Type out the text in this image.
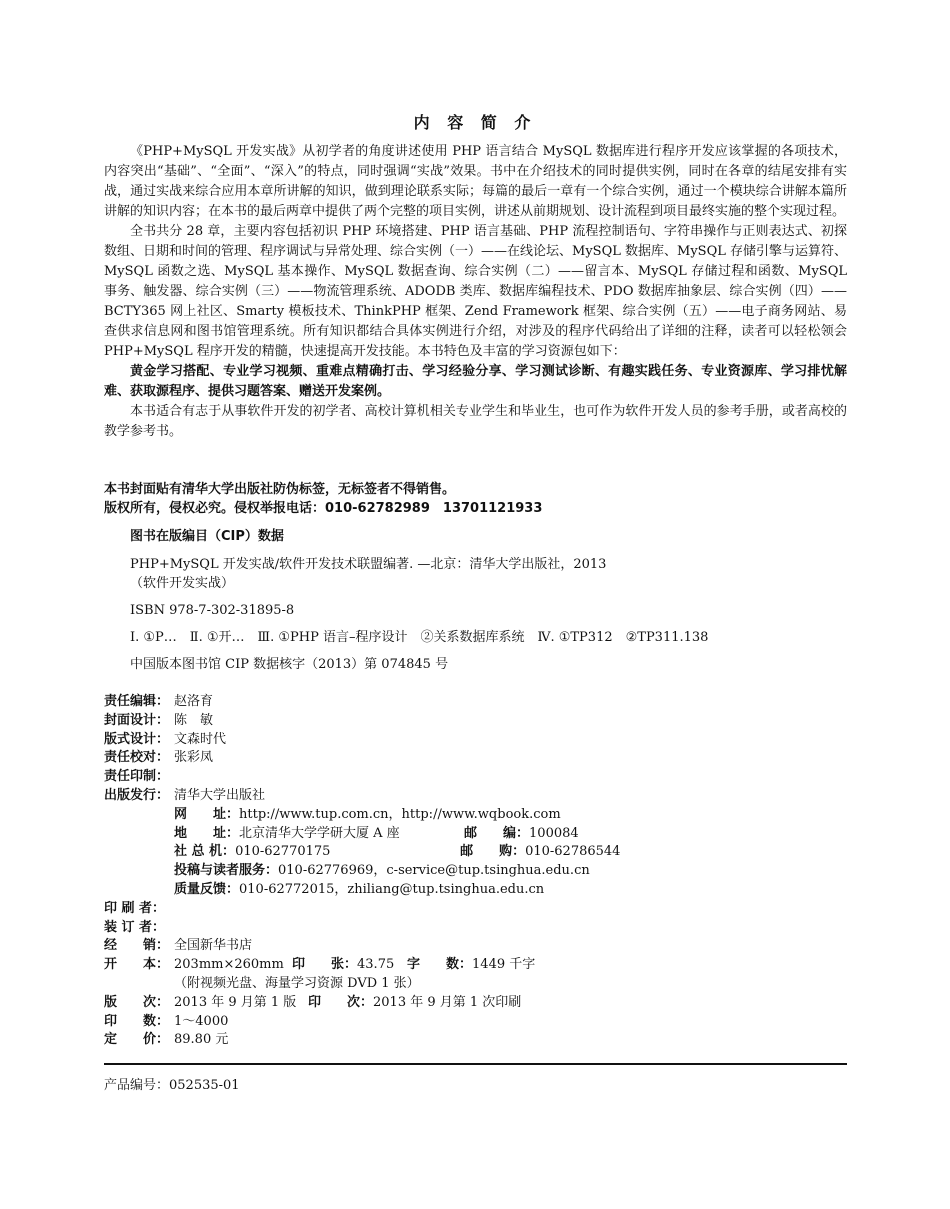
内 容 简 介

《PHP+MySQL 开发实战》从初学者的角度讲述使用 PHP 语言结合 MySQL 数据库进行程序开发应该掌握的各项技术，内容突出“基础”、“全面”、“深入”的特点，同时强调“实战”效果。书中在介绍技术的同时提供实例，同时在各章的结尾安排有实战，通过实战来综合应用本章所讲解的知识，做到理论联系实际；每篇的最后一章有一个综合实例，通过一个模块综合讲解本篇所讲解的知识内容；在本书的最后两章中提供了两个完整的项目实例，讲述从前期规划、设计流程到项目最终实施的整个实现过程。

全书共分 28 章，主要内容包括初识 PHP 环境搭建、PHP 语言基础、PHP 流程控制语句、字符串操作与正则表达式、初探数组、日期和时间的管理、程序调试与异常处理、综合实例（一）——在线论坛、MySQL 数据库、MySQL 存储引擎与运算符、MySQL 函数之选、MySQL 基本操作、MySQL 数据查询、综合实例（二）——留言本、MySQL 存储过程和函数、MySQL 事务、触发器、综合实例（三）——物流管理系统、ADODB 类库、数据库编程技术、PDO 数据库抽象层、综合实例（四）——BCTY365 网上社区、Smarty 模板技术、ThinkPHP 框架、Zend Framework 框架、综合实例（五）——电子商务网站、易查供求信息网和图书馆管理系统。所有知识都结合具体实例进行介绍，对涉及的程序代码给出了详细的注释，读者可以轻松领会 PHP+MySQL 程序开发的精髓，快速提高开发技能。本书特色及丰富的学习资源包如下：

黄金学习搭配、专业学习视频、重难点精确打击、学习经验分享、学习测试诊断、有趣实践任务、专业资源库、学习排忧解难、获取源程序、提供习题答案、赠送开发案例。

本书适合有志于从事软件开发的初学者、高校计算机相关专业学生和毕业生，也可作为软件开发人员的参考手册，或者高校的教学参考书。

本书封面贴有清华大学出版社防伪标签，无标签者不得销售。
版权所有，侵权必究。侵权举报电话：010-62782989　13701121933
图书在版编目（CIP）数据
PHP+MySQL 开发实战/软件开发技术联盟编著. —北京：清华大学出版社，2013
（软件开发实战）
ISBN 978-7-302-31895-8
Ⅰ. ①P…　Ⅱ. ①开…　Ⅲ. ①PHP 语言–程序设计　②关系数据库系统　Ⅳ. ①TP312　②TP311.138
中国版本图书馆 CIP 数据核字（2013）第 074845 号
责任编辑： 赵洛育
封面设计： 陈　敏
版式设计： 文森时代
责任校对： 张彩凤
责任印制：
出版发行： 清华大学出版社
网　　址： http://www.tup.com.cn，http://www.wqbook.com
地　　址： 北京清华大学学研大厦 A 座	邮　　编： 100084
社 总 机： 010-62770175	邮　　购： 010-62786544
投稿与读者服务： 010-62776969，c-service@tup.tsinghua.edu.cn
质量反馈： 010-62772015，zhiliang@tup.tsinghua.edu.cn
印 刷 者：
装 订 者：
经　　销： 全国新华书店
开　　本： 203mm×260mm 印　　张： 43.75 字　　数： 1449 千字
（附视频光盘、海量学习资源 DVD 1 张）
版　　次： 2013 年 9 月第 1 版 印　　次： 2013 年 9 月第 1 次印刷
印　　数： 1～4000
定　　价： 89.80 元
产品编号：052535-01
